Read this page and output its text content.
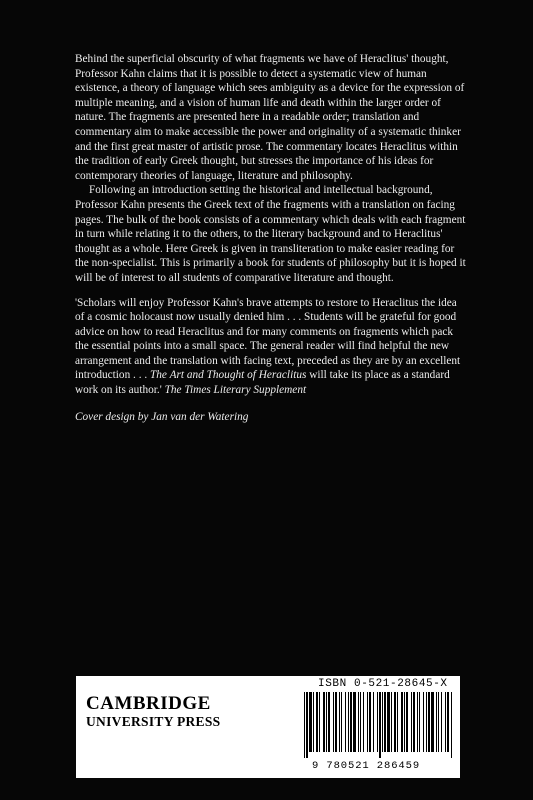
Behind the superficial obscurity of what fragments we have of Heraclitus' thought, Professor Kahn claims that it is possible to detect a systematic view of human existence, a theory of language which sees ambiguity as a device for the expression of multiple meaning, and a vision of human life and death within the larger order of nature. The fragments are presented here in a readable order; translation and commentary aim to make accessible the power and originality of a systematic thinker and the first great master of artistic prose. The commentary locates Heraclitus within the tradition of early Greek thought, but stresses the importance of his ideas for contemporary theories of language, literature and philosophy.

Following an introduction setting the historical and intellectual background, Professor Kahn presents the Greek text of the fragments with a translation on facing pages. The bulk of the book consists of a commentary which deals with each fragment in turn while relating it to the others, to the literary background and to Heraclitus' thought as a whole. Here Greek is given in transliteration to make easier reading for the non-specialist. This is primarily a book for students of philosophy but it is hoped it will be of interest to all students of comparative literature and thought.

'Scholars will enjoy Professor Kahn's brave attempts to restore to Heraclitus the idea of a cosmic holocaust now usually denied him . . . Students will be grateful for good advice on how to read Heraclitus and for many comments on fragments which pack the essential points into a small space. The general reader will find helpful the new arrangement and the translation with facing text, preceded as they are by an excellent introduction . . . The Art and Thought of Heraclitus will take its place as a standard work on its author.' The Times Literary Supplement

Cover design by Jan van der Watering

CAMBRIDGE
UNIVERSITY PRESS
ISBN 0-521-28645-X
9 780521 286459
